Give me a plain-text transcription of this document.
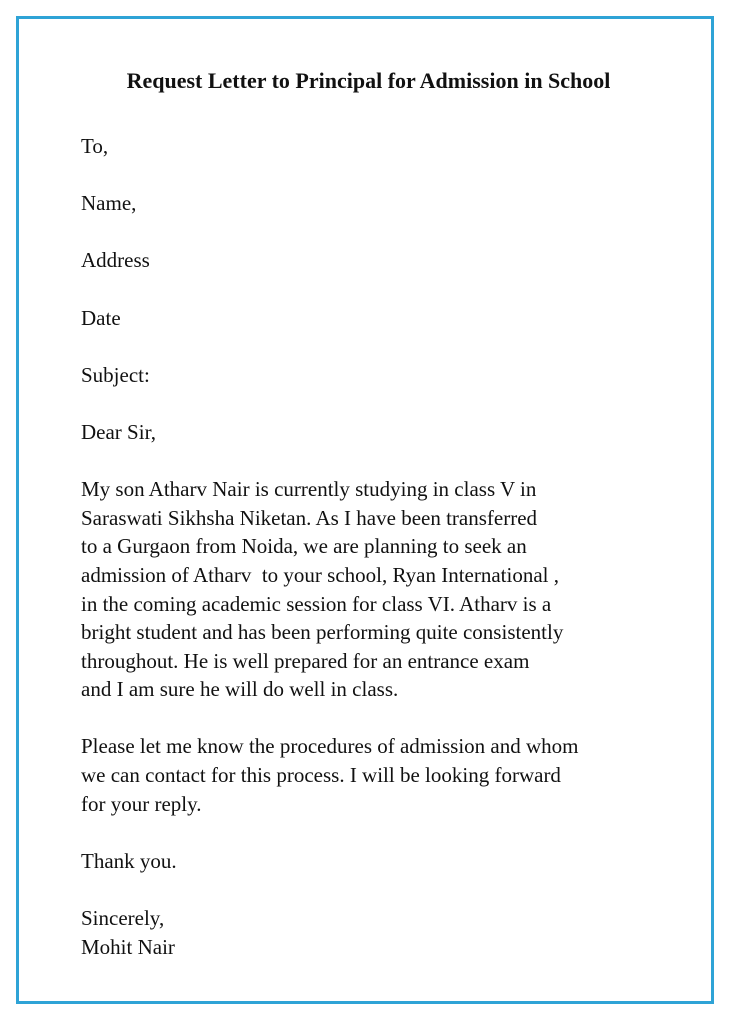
Request Letter to Principal for Admission in School
To,
Name,
Address
Date
Subject:
Dear Sir,
My son Atharv Nair is currently studying in class V in
Saraswati Sikhsha Niketan. As I have been transferred
to a Gurgaon from Noida, we are planning to seek an
admission of Atharv  to your school, Ryan International ,
in the coming academic session for class VI. Atharv is a
bright student and has been performing quite consistently
throughout. He is well prepared for an entrance exam
and I am sure he will do well in class.
Please let me know the procedures of admission and whom
we can contact for this process. I will be looking forward
for your reply.
Thank you.
Sincerely,
Mohit Nair
